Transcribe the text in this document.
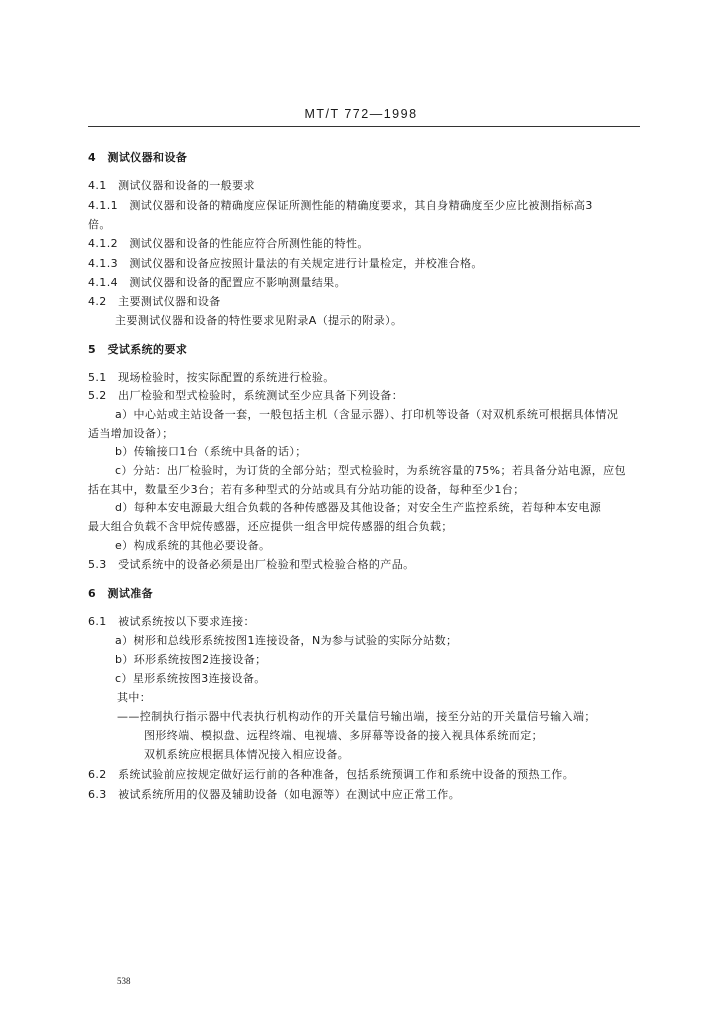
MT/T 772—1998
4　测试仪器和设备
4.1　测试仪器和设备的一般要求
4.1.1　测试仪器和设备的精确度应保证所测性能的精确度要求，其自身精确度至少应比被测指标高3
倍。
4.1.2　测试仪器和设备的性能应符合所测性能的特性。
4.1.3　测试仪器和设备应按照计量法的有关规定进行计量检定，并校准合格。
4.1.4　测试仪器和设备的配置应不影响测量结果。
4.2　主要测试仪器和设备
主要测试仪器和设备的特性要求见附录A（提示的附录）。
5　受试系统的要求
5.1　现场检验时，按实际配置的系统进行检验。
5.2　出厂检验和型式检验时，系统测试至少应具备下列设备：
a）中心站或主站设备一套，一般包括主机（含显示器）、打印机等设备（对双机系统可根据具体情况
适当增加设备）；
b）传输接口1台（系统中具备的话）；
c）分站：出厂检验时，为订货的全部分站；型式检验时，为系统容量的75%；若具备分站电源，应包
括在其中，数量至少3台；若有多种型式的分站或具有分站功能的设备，每种至少1台；
d）每种本安电源最大组合负载的各种传感器及其他设备；对安全生产监控系统，若每种本安电源
最大组合负载不含甲烷传感器，还应提供一组含甲烷传感器的组合负载；
e）构成系统的其他必要设备。
5.3　受试系统中的设备必须是出厂检验和型式检验合格的产品。
6　测试准备
6.1　被试系统按以下要求连接：
a）树形和总线形系统按图1连接设备，N为参与试验的实际分站数；
b）环形系统按图2连接设备；
c）星形系统按图3连接设备。
其中：
——控制执行指示器中代表执行机构动作的开关量信号输出端，接至分站的开关量信号输入端；
图形终端、模拟盘、远程终端、电视墙、多屏幕等设备的接入视具体系统而定；
双机系统应根据具体情况接入相应设备。
6.2　系统试验前应按规定做好运行前的各种准备，包括系统预调工作和系统中设备的预热工作。
6.3　被试系统所用的仪器及辅助设备（如电源等）在测试中应正常工作。
538
